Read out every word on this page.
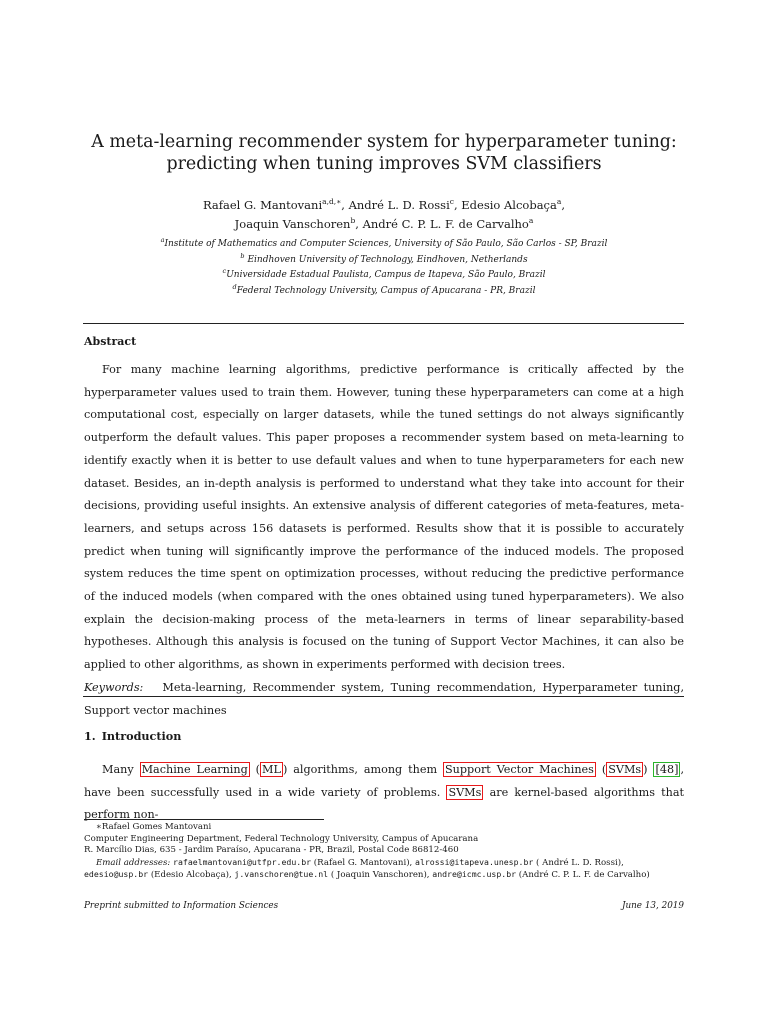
A meta-learning recommender system for hyperparameter tuning:
predicting when tuning improves SVM classifiers
Rafael G. Mantovani$^{a,d,∗}$, André L. D. Rossi$^c$, Edesio Alcobaça$^a$,
Joaquin Vanschoren$^b$, André C. P. L. F. de Carvalho$^a$
$^a$Institute of Mathematics and Computer Sciences, University of São Paulo, São Carlos - SP, Brazil
$^b$ Eindhoven University of Technology, Eindhoven, Netherlands
$^c$Universidade Estadual Paulista, Campus de Itapeva, São Paulo, Brazil
$^d$Federal Technology University, Campus of Apucarana - PR, Brazil
Abstract

For many machine learning algorithms, predictive performance is critically affected by the hyperparameter values used to train them. However, tuning these hyperparameters can come at a high computational cost, especially on larger datasets, while the tuned settings do not always significantly outperform the default values. This paper proposes a recommender system based on meta-learning to identify exactly when it is better to use default values and when to tune hyperparameters for each new dataset. Besides, an in-depth analysis is performed to understand what they take into account for their decisions, providing useful insights. An extensive analysis of different categories of meta-features, meta-learners, and setups across 156 datasets is performed. Results show that it is possible to accurately predict when tuning will significantly improve the performance of the induced models. The proposed system reduces the time spent on optimization processes, without reducing the predictive performance of the induced models (when compared with the ones obtained using tuned hyperparameters). We also explain the decision-making process of the meta-learners in terms of linear separability-based hypotheses. Although this analysis is focused on the tuning of Support Vector Machines, it can also be applied to other algorithms, as shown in experiments performed with decision trees.

Keywords: Meta-learning, Recommender system, Tuning recommendation, Hyperparameter tuning, Support vector machines

1. Introduction

Many Machine Learning ( ML ) algorithms, among them Support Vector Machines ( SVMs ) [48] , have been successfully used in a wide variety of problems. SVMs are kernel-based algorithms that perform non-

∗Rafael Gomes Mantovani
Computer Engineering Department, Federal Technology University, Campus of Apucarana
R. Marcílio Dias, 635 - Jardim Paraíso, Apucarana - PR, Brazil, Postal Code 86812-460
Email addresses: rafaelmantovani@utfpr.edu.br (Rafael G. Mantovani), alrossi@itapeva.unesp.br ( André L. D. Rossi), edesio@usp.br (Edesio Alcobaça), j.vanschoren@tue.nl ( Joaquin Vanschoren), andre@icmc.usp.br (André C. P. L. F. de Carvalho)
Preprint submitted to Information Sciences	June 13, 2019
